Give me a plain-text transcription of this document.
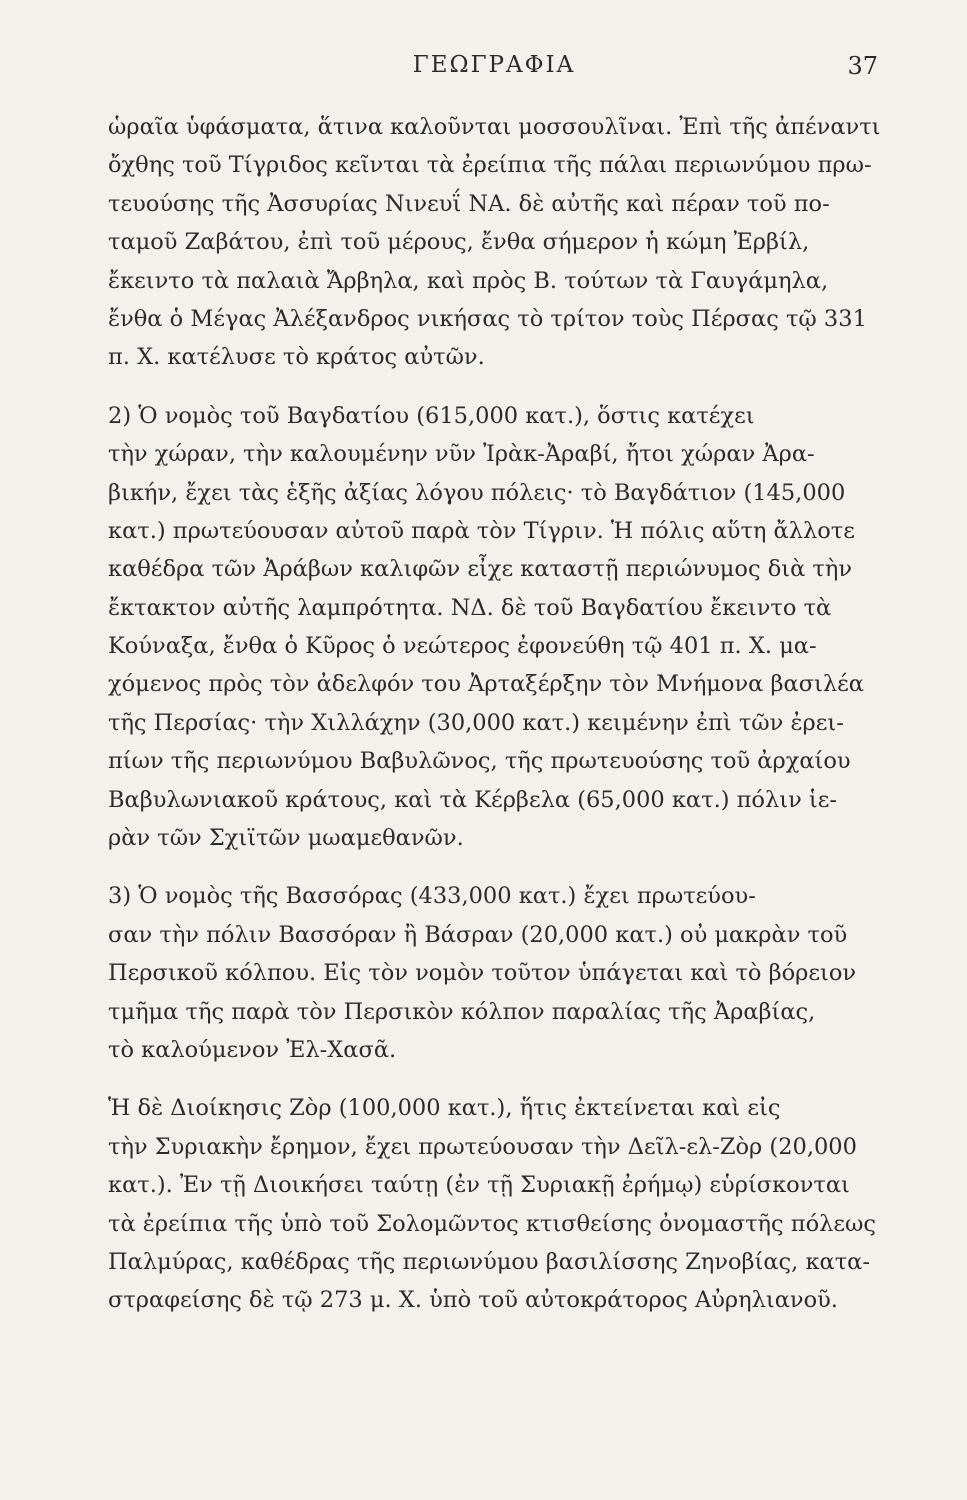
ΓΕΩΓΡΑΦΙΑ	37
ὡραῖα ὑφάσματα, ἅτινα καλοῦνται μοσσουλῖναι. Ἐπὶ τῆς ἀπέναντι
ὄχθης τοῦ Τίγριδος κεῖνται τὰ ἐρείπια τῆς πάλαι περιωνύμου πρω-
τευούσης τῆς Ἀσσυρίας Νινευΐ ΝΑ. δὲ αὐτῆς καὶ πέραν τοῦ πο-
ταμοῦ Ζαβάτου, ἐπὶ τοῦ μέρους, ἔνθα σήμερον ἡ κώμη Ἐρβίλ,
ἔκειντο τὰ παλαιὰ Ἄρβηλα, καὶ πρὸς Β. τούτων τὰ Γαυγάμηλα,
ἔνθα ὁ Μέγας Ἀλέξανδρος νικήσας τὸ τρίτον τοὺς Πέρσας τῷ 331
π. Χ. κατέλυσε τὸ κράτος αὐτῶν.
2) Ὁ νομὸς τοῦ Βαγδατίου (615,000 κατ.), ὅστις κατέχει
τὴν χώραν, τὴν καλουμένην νῦν Ἰρὰκ-Ἀραβί, ἤτοι χώραν Ἀρα-
βικήν, ἔχει τὰς ἑξῆς ἀξίας λόγου πόλεις· τὸ Βαγδάτιον (145,000
κατ.) πρωτεύουσαν αὐτοῦ παρὰ τὸν Τίγριν. Ἡ πόλις αὕτη ἄλλοτε
καθέδρα τῶν Ἀράβων καλιφῶν εἶχε καταστῇ περιώνυμος διὰ τὴν
ἔκτακτον αὐτῆς λαμπρότητα. ΝΔ. δὲ τοῦ Βαγδατίου ἔκειντο τὰ
Κούναξα, ἔνθα ὁ Κῦρος ὁ νεώτερος ἐφονεύθη τῷ 401 π. Χ. μα-
χόμενος πρὸς τὸν ἀδελφόν του Ἀρταξέρξην τὸν Μνήμονα βασιλέα
τῆς Περσίας· τὴν Χιλλάχην (30,000 κατ.) κειμένην ἐπὶ τῶν ἐρει-
πίων τῆς περιωνύμου Βαβυλῶνος, τῆς πρωτευούσης τοῦ ἀρχαίου
Βαβυλωνιακοῦ κράτους, καὶ τὰ Κέρβελα (65,000 κατ.) πόλιν ἱε-
ρὰν τῶν Σχιϊτῶν μωαμεθανῶν.
3) Ὁ νομὸς τῆς Βασσόρας (433,000 κατ.) ἔχει πρωτεύου-
σαν τὴν πόλιν Βασσόραν ἢ Βάσραν (20,000 κατ.) οὐ μακρὰν τοῦ
Περσικοῦ κόλπου. Εἰς τὸν νομὸν τοῦτον ὑπάγεται καὶ τὸ βόρειον
τμῆμα τῆς παρὰ τὸν Περσικὸν κόλπον παραλίας τῆς Ἀραβίας,
τὸ καλούμενον Ἐλ-Χασᾶ.
Ἡ δὲ Διοίκησις Ζὸρ (100,000 κατ.), ἥτις ἐκτείνεται καὶ εἰς
τὴν Συριακὴν ἔρημον, ἔχει πρωτεύουσαν τὴν Δεῖλ-ελ-Ζὸρ (20,000
κατ.). Ἐν τῇ Διοικήσει ταύτῃ (ἐν τῇ Συριακῇ ἐρήμῳ) εὑρίσκονται
τὰ ἐρείπια τῆς ὑπὸ τοῦ Σολομῶντος κτισθείσης ὀνομαστῆς πόλεως
Παλμύρας, καθέδρας τῆς περιωνύμου βασιλίσσης Ζηνοβίας, κατα-
στραφείσης δὲ τῷ 273 μ. Χ. ὑπὸ τοῦ αὐτοκράτορος Αὐρηλιανοῦ.
